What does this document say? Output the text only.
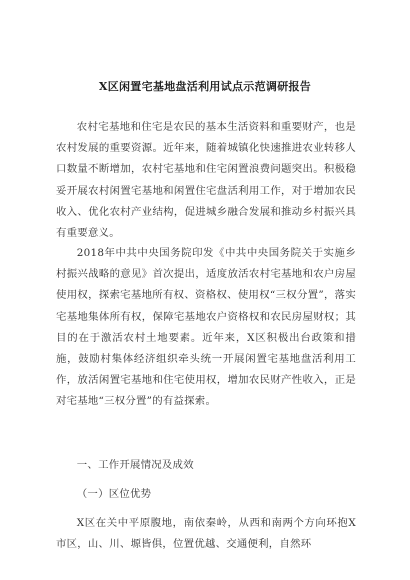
X区闲置宅基地盘活利用试点示范调研报告

农村宅基地和住宅是农民的基本生活资料和重要财产，也是农村发展的重要资源。近年来，随着城镇化快速推进农业转移人口数量不断增加，农村宅基地和住宅闲置浪费问题突出。积极稳妥开展农村闲置宅基地和闲置住宅盘活利用工作，对于增加农民收入、优化农村产业结构，促进城乡融合发展和推动乡村振兴具有重要意义。

2018年中共中央国务院印发《中共中央国务院关于实施乡村振兴战略的意见》首次提出，适度放活农村宅基地和农户房屋使用权，探索宅基地所有权、资格权、使用权“三权分置”，落实宅基地集体所有权，保障宅基地农户资格权和农民房屋财权；其目的在于激活农村土地要素。近年来，X区积极出台政策和措施，鼓励村集体经济组织牵头统一开展闲置宅基地盘活利用工作，放活闲置宅基地和住宅使用权，增加农民财产性收入，正是对宅基地“三权分置”的有益探索。

一、工作开展情况及成效

（一）区位优势

X区在关中平原腹地，南依秦岭，从西和南两个方向环抱X市区，山、川、塬皆俱，位置优越、交通便利，自然环
